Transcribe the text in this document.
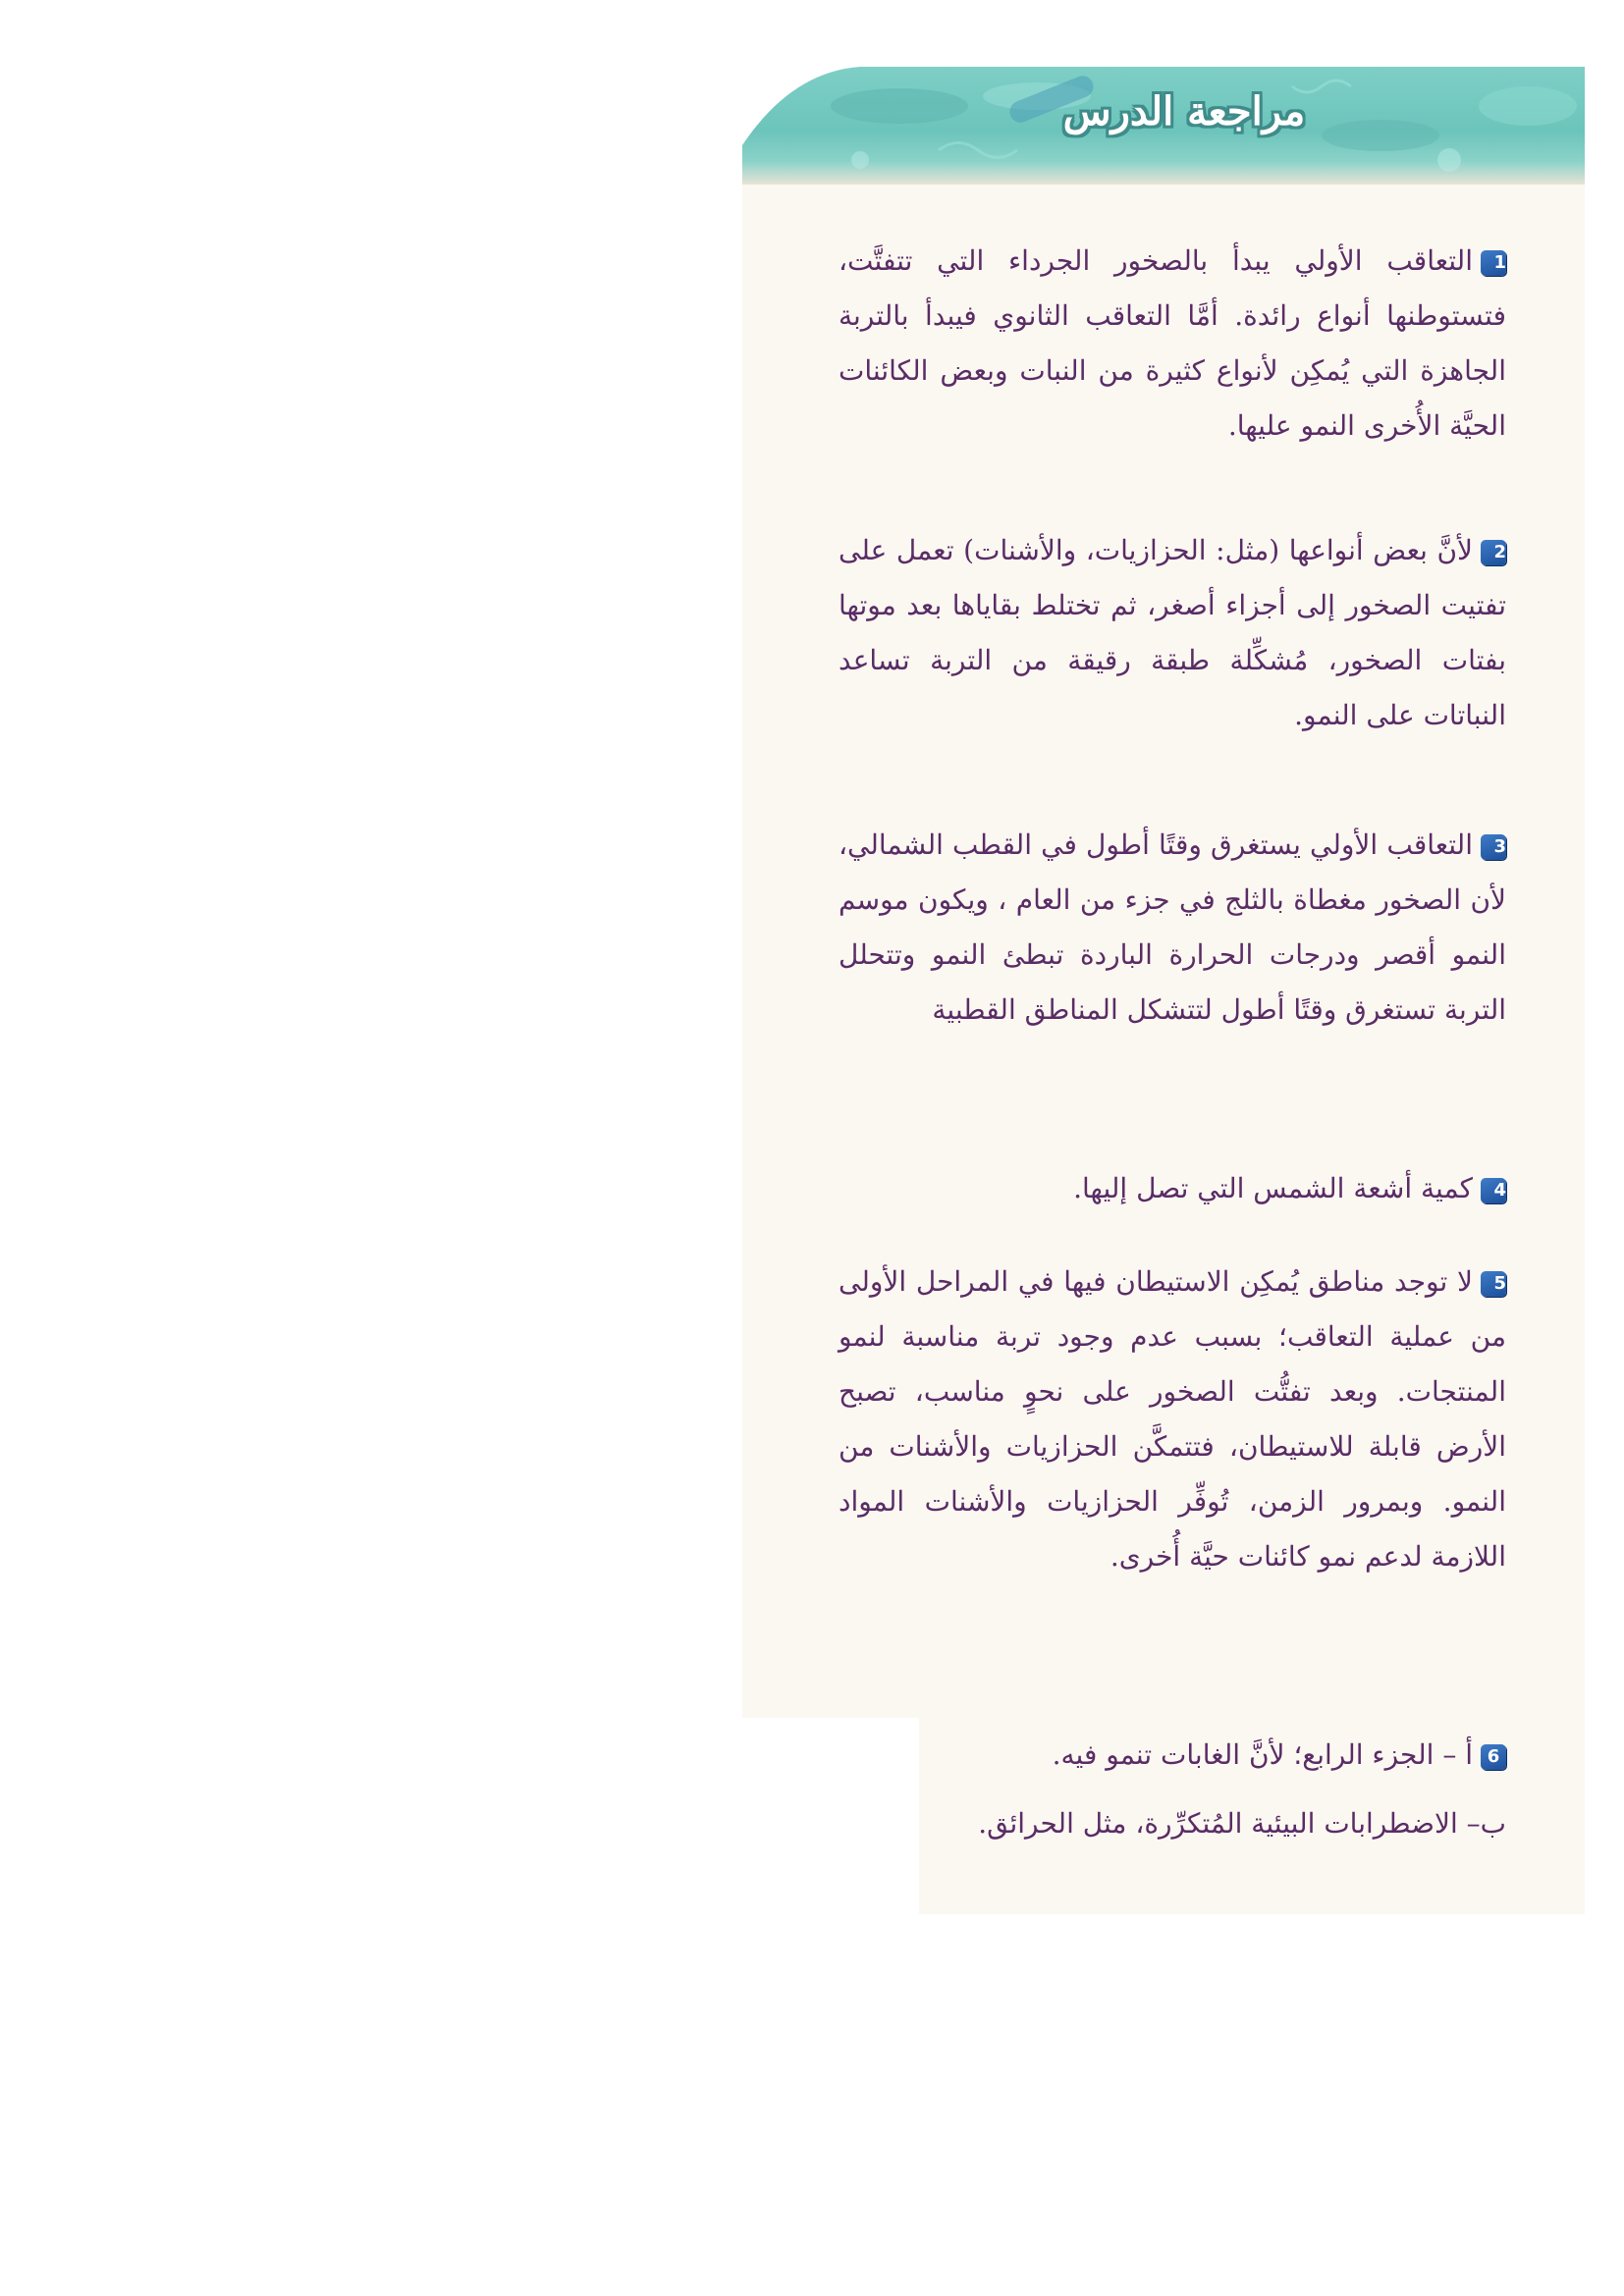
مراجعة الدرس
1التعاقب الأولي يبدأ بالصخور الجرداء التي تتفتَّت، فتستوطنها أنواع رائدة. أمَّا التعاقب الثانوي فيبدأ بالتربة الجاهزة التي يُمكِن لأنواع كثيرة من النبات وبعض الكائنات الحيَّة الأُخرى النمو عليها.
2لأنَّ بعض أنواعها (مثل: الحزازيات، والأشنات) تعمل على تفتيت الصخور إلى أجزاء أصغر، ثم تختلط بقاياها بعد موتها بفتات الصخور، مُشكِّلة طبقة رقيقة من التربة تساعد النباتات على النمو.
3التعاقب الأولي يستغرق وقتًا أطول في القطب الشمالي، لأن الصخور مغطاة بالثلج في جزء من العام ، ويكون موسم النمو أقصر ودرجات الحرارة الباردة تبطئ النمو وتتحلل التربة تستغرق وقتًا أطول لتتشكل المناطق القطبية
4كمية أشعة الشمس التي تصل إليها.
5لا توجد مناطق يُمكِن الاستيطان فيها في المراحل الأولى من عملية التعاقب؛ بسبب عدم وجود تربة مناسبة لنمو المنتجات. وبعد تفتُّت الصخور على نحوٍ مناسب، تصبح الأرض قابلة للاستيطان، فتتمكَّن الحزازيات والأشنات من النمو. وبمرور الزمن، تُوفِّر الحزازيات والأشنات المواد اللازمة لدعم نمو كائنات حيَّة أُخرى.
6أ – الجزء الرابع؛ لأنَّ الغابات تنمو فيه.
ب– الاضطرابات البيئية المُتكرِّرة، مثل الحرائق.
